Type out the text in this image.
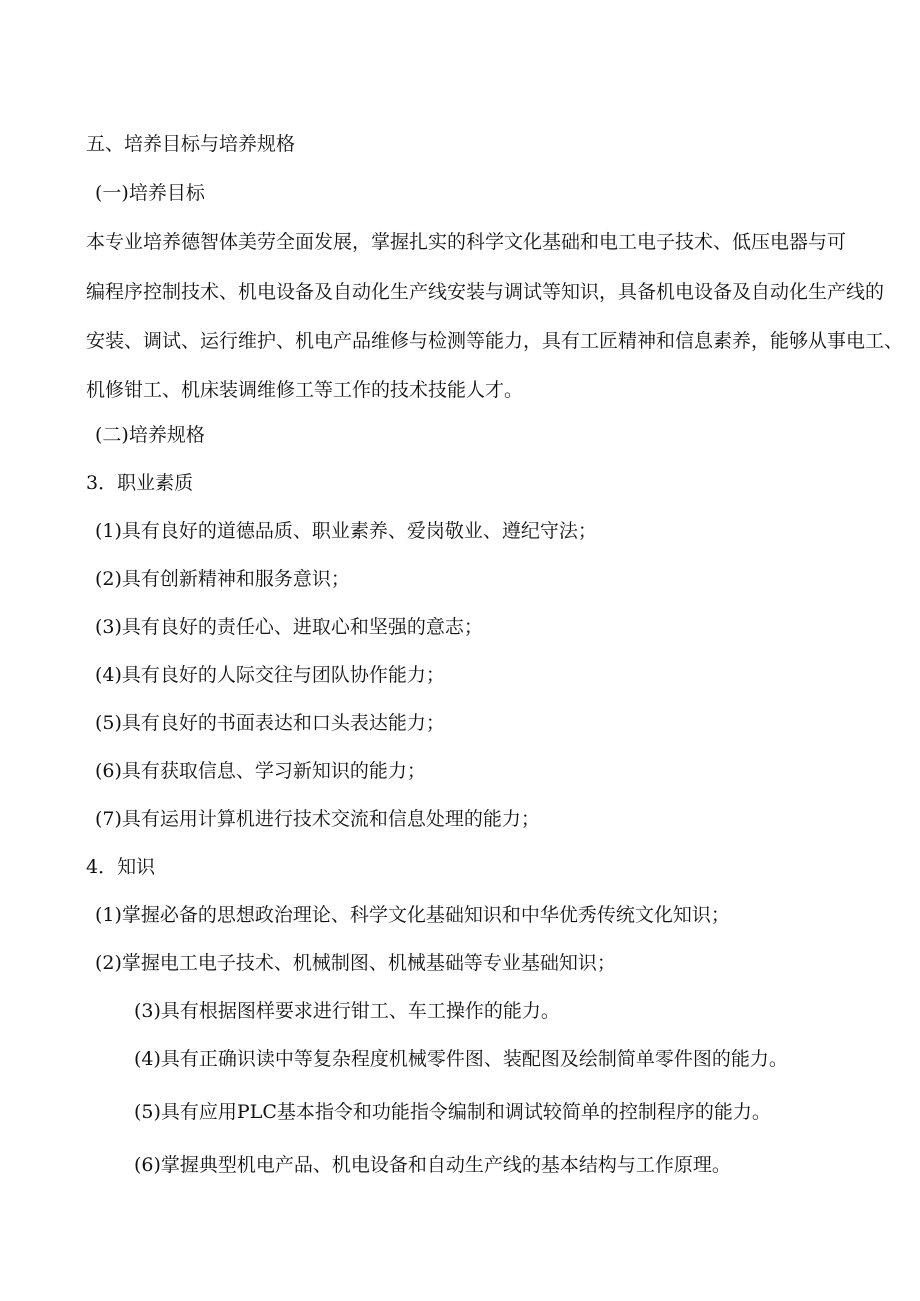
五、培养目标与培养规格
(一)培养目标
本专业培养德智体美劳全面发展，掌握扎实的科学文化基础和电工电子技术、低压电器与可
编程序控制技术、机电设备及自动化生产线安装与调试等知识，具备机电设备及自动化生产线的
安装、调试、运行维护、机电产品维修与检测等能力，具有工匠精神和信息素养，能够从事电工、
机修钳工、机床装调维修工等工作的技术技能人才。
(二)培养规格
3．职业素质
(1)具有良好的道德品质、职业素养、爱岗敬业、遵纪守法；
(2)具有创新精神和服务意识；
(3)具有良好的责任心、进取心和坚强的意志；
(4)具有良好的人际交往与团队协作能力；
(5)具有良好的书面表达和口头表达能力；
(6)具有获取信息、学习新知识的能力；
(7)具有运用计算机进行技术交流和信息处理的能力；
4．知识
(1)掌握必备的思想政治理论、科学文化基础知识和中华优秀传统文化知识；
(2)掌握电工电子技术、机械制图、机械基础等专业基础知识；
(3)具有根据图样要求进行钳工、车工操作的能力。
(4)具有正确识读中等复杂程度机械零件图、装配图及绘制简单零件图的能力。
(5)具有应用PLC基本指令和功能指令编制和调试较简单的控制程序的能力。
(6)掌握典型机电产品、机电设备和自动生产线的基本结构与工作原理。
